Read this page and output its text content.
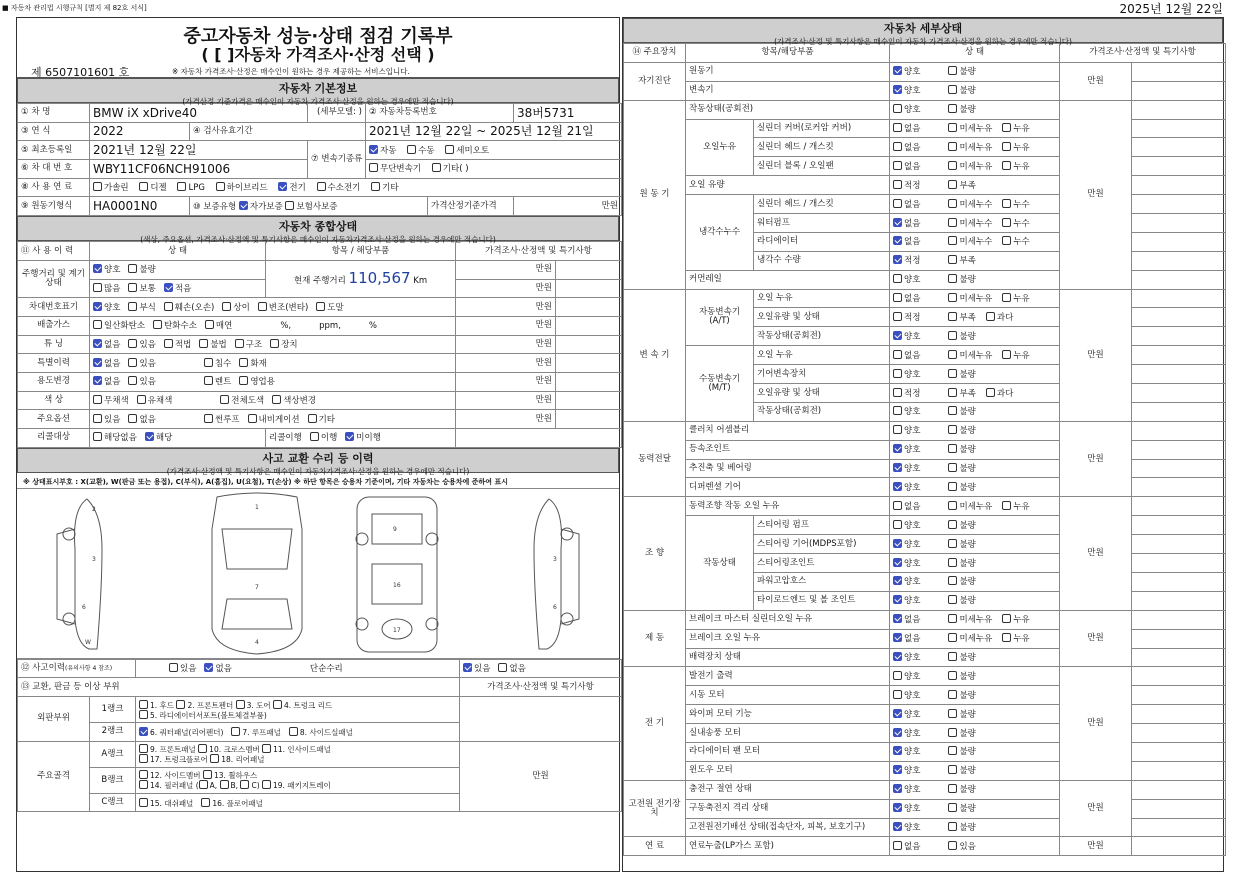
■ 자동차 관리법 시행규칙 [별지 제 82호 서식]	2025년 12월 22일
중고자동차 성능·상태 점검 기록부
( [ ]자동차 가격조사·산정 선택 )
제 6507101601 호	※ 자동차 가격조사·산정은 매수인이 원하는 경우 제공하는 서비스입니다.
자동차 기본정보
(가격산정 기준가격은 매수인이 자동차 가격조사·산정을 원하는 경우에만 적습니다)
① 차 명	BMW iX xDrive40		(세부모델: )	② 자동차등록번호		38버5731
③ 연 식	2022	④ 검사유효기간		2021년 12월 22일 ~ 2025년 12월 21일		
⑤ 최초등록일	2021년 12월 22일		⑦ 변속기종류	자동 수동 세미오토		
⑥ 차 대 번 호	WBY11CF06NCH91006			무단변속기 기타( )		
⑧ 사 용 연 료	가솔린 디젤 LPG 하이브리드 전기 수소전기 기타					
⑨ 원동기형식	HA0001N0	⑩ 보증유형 자가보증 보험사보증			가격산정기준가격	만원
자동차 종합상태
(색상, 주요옵션, 가격조사·산정액 및 특기사항은 매수인이 자동차가격조사·산정을 원하는 경우에만 적습니다)
⑪ 사 용 이 력	상 태	항목 / 해당부품	가격조사·산정액 및 특기사항	
주행거리 및 계기상태	양호 불량	현재 주행거리 110,567 Km	만원	
	많음 보통 적음		만원	
차대번호표기	양호 부식 훼손(오손) 상이 변조(변타) 도말		만원	
배출가스	일산화탄소 탄화수소 매연 %, ppm, %		만원	
튜 닝	없음 있음 적법 불법 구조 장치		만원	
특별이력	없음 있음 침수 화재		만원	
용도변경	없음 있음 렌트 영업용		만원	
색 상	무채색 유채색 전체도색 색상변경		만원	
주요옵션	있음 없음 썬루프 내비게이션 기타		만원	
리콜대상	해당없음 해당	리콜이행 이행 미이행		
사고 교환 수리 등 이력
(가격조사·산정액 및 특기사항은 매수인이 자동차가격조사·산정을 원하는 경우에만 적습니다)
※ 상태표시부호 : X(교환), W(판금 또는 용접), C(부식), A(흠집), U(요철), T(손상) ※ 하단 항목은 승용차 기준이며, 기타 자동차는 승용차에 준하여 표시
2
3
6
W
1
7
4
9
16
17
3
6
⑫ 사고이력(유의사항 4 참조)		있음 없음 단순수리	있음 없음
⑬ 교환, 판금 등 이상 부위			가격조사·산정액 및 특기사항
외판부위	1랭크	1. 후드 2. 프론트펜더 3. 도어 4. 트렁크 리드
5. 라디에이터서포트(볼트체결부품)	
	2랭크	6. 쿼터패널(리어펜더) 7. 루프패널 8. 사이드실패널	
주요골격	A랭크	9. 프론트패널 10. 크로스멤버 11. 인사이드패널
17. 트렁크플로어 18. 리어패널	만원
	B랭크	12. 사이드멤버 13. 휠하우스
14. 필러패널 ( A, B, C) 19. 패키지트레이	
	C랭크	15. 대쉬패널 16. 플로어패널	
자동차 세부상태
(가격조사·산정 및 특기사항은 매수인이 자동차 가격조사·산정을 원하는 경우에만 적습니다)
⑭ 주요장치	항목/해당부품		상 태	가격조사·산정액 및 특기사항	
자기진단	원동기		양호 불량	만원	
	변속기		양호 불량		
원 동 기	작동상태(공회전)		양호 불량	만원	
	오일누유	실린더 커버(로커암 커버)	없음 미세누유 누유		
		실린더 헤드 / 개스킷	없음 미세누유 누유		
		실린더 블록 / 오일팬	없음 미세누유 누유		
	오일 유량		적정 부족		
	냉각수누수	실린더 헤드 / 개스킷	없음 미세누수 누수		
		워터펌프	없음 미세누수 누수		
		라디에이터	없음 미세누수 누수		
		냉각수 수량	적정 부족		
	커먼레일		양호 불량		
변 속 기	자동변속기 (A/T)	오일 누유	없음 미세누유 누유	만원	
		오일유량 및 상태	적정 부족 과다		
		작동상태(공회전)	양호 불량		
	수동변속기 (M/T)	오일 누유	없음 미세누유 누유		
		기어변속장치	양호 불량		
		오일유량 및 상태	적정 부족 과다		
		작동상태(공회전)	양호 불량		
동력전달	클러치 어셈블리		양호 불량	만원	
	등속조인트		양호 불량		
	추진축 및 베어링		양호 불량		
	디퍼렌셜 기어		양호 불량		
조 향	동력조향 작동 오일 누유		없음 미세누유 누유	만원	
	작동상태	스티어링 펌프	양호 불량		
		스티어링 기어(MDPS포함)	양호 불량		
		스티어링조인트	양호 불량		
		파워고압호스	양호 불량		
		타이로드엔드 및 볼 조인트	양호 불량		
제 동	브레이크 마스터 실린더오일 누유		없음 미세누유 누유	만원	
	브레이크 오일 누유		없음 미세누유 누유		
	배력장치 상태		양호 불량		
전 기	발전기 출력		양호 불량	만원	
	시동 모터		양호 불량		
	와이퍼 모터 기능		양호 불량		
	실내송풍 모터		양호 불량		
	라디에이터 팬 모터		양호 불량		
	윈도우 모터		양호 불량		
고전원 전기장치	충전구 절연 상태		양호 불량	만원	
	구동축전지 격리 상태		양호 불량		
	고전원전기배선 상태(접속단자, 피복, 보호기구)		양호 불량		
연 료	연료누출(LP가스 포함)		없음 있음	만원	
